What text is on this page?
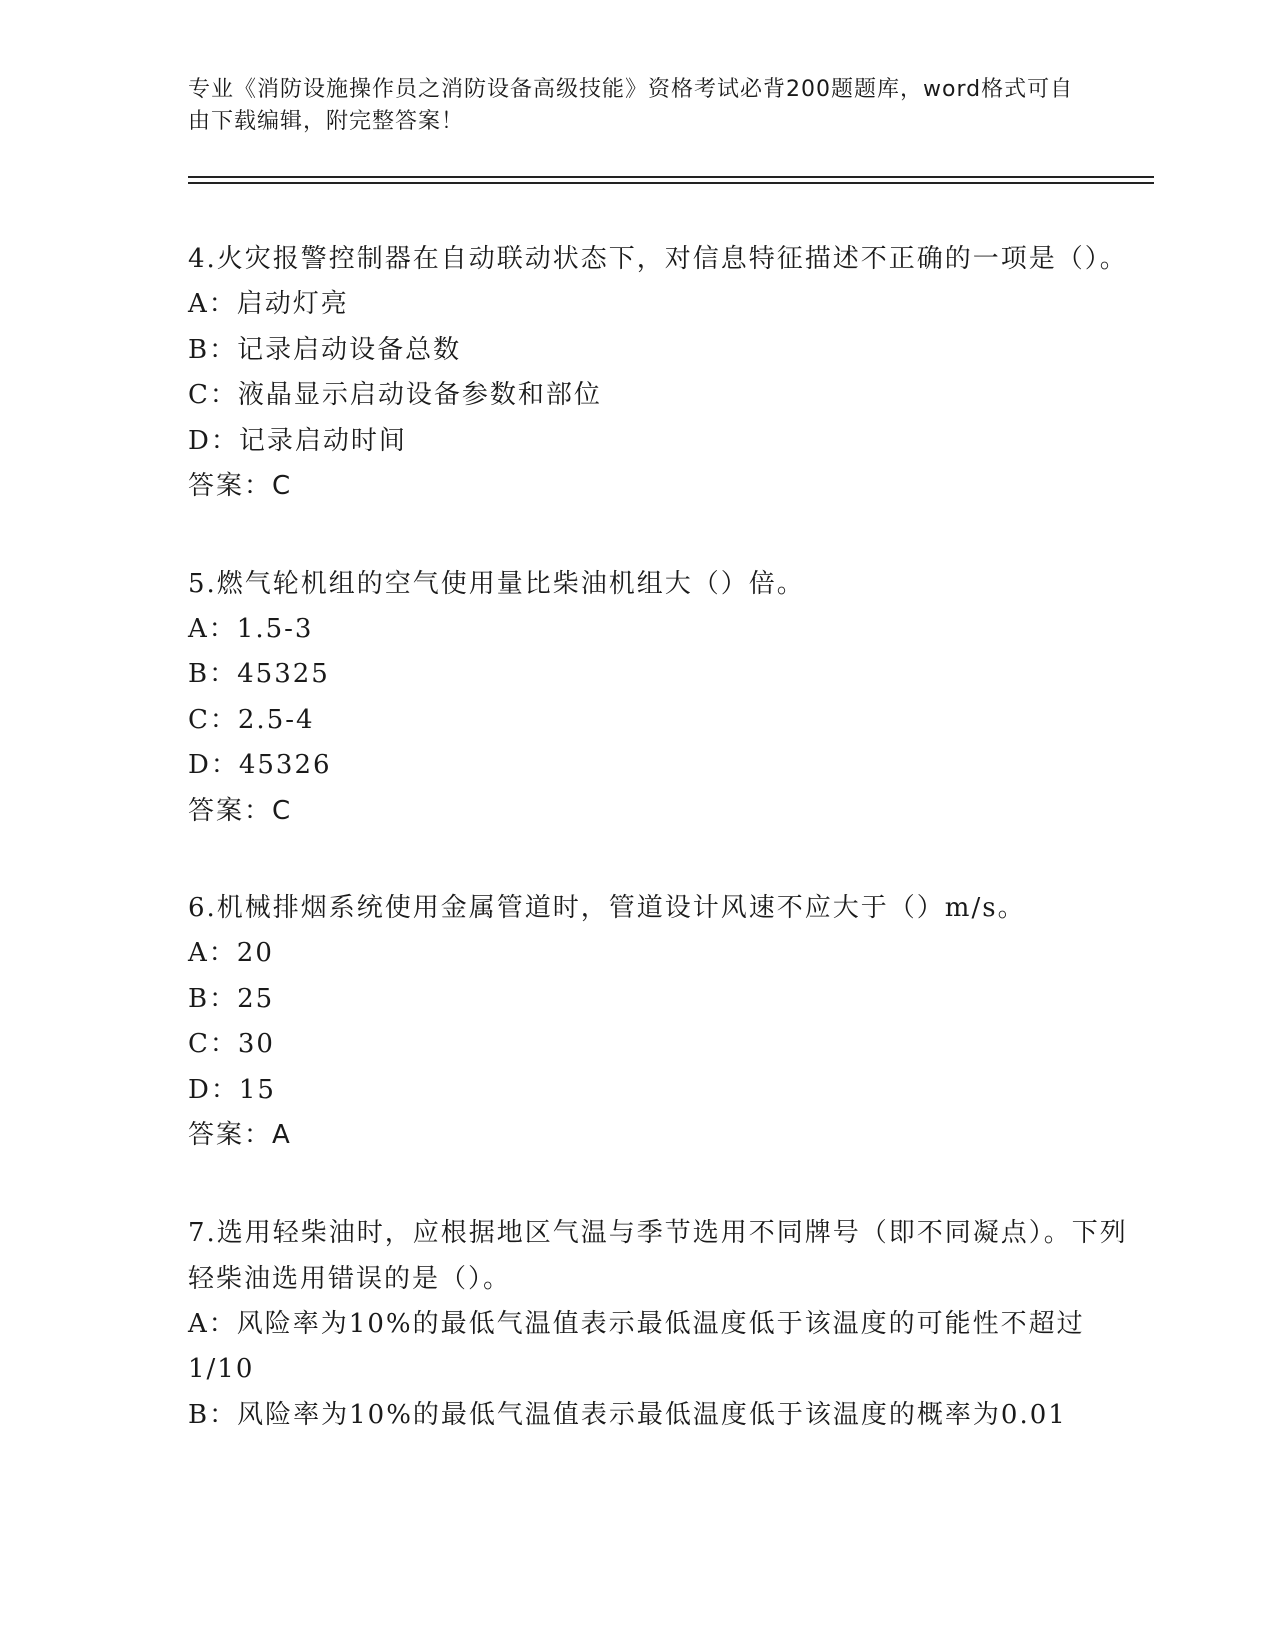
专业《消防设施操作员之消防设备高级技能》资格考试必背200题题库，word格式可自由下载编辑，附完整答案！
4.火灾报警控制器在自动联动状态下，对信息特征描述不正确的一项是（）。
A：启动灯亮
B：记录启动设备总数
C：液晶显示启动设备参数和部位
D：记录启动时间
答案：C
5.燃气轮机组的空气使用量比柴油机组大（）倍。
A：1.5-3
B：45325
C：2.5-4
D：45326
答案：C
6.机械排烟系统使用金属管道时，管道设计风速不应大于（）m/s。
A：20
B：25
C：30
D：15
答案：A
7.选用轻柴油时，应根据地区气温与季节选用不同牌号（即不同凝点）。下列轻柴油选用错误的是（）。
A：风险率为10%的最低气温值表示最低温度低于该温度的可能性不超过1/10
B：风险率为10%的最低气温值表示最低温度低于该温度的概率为0.01
